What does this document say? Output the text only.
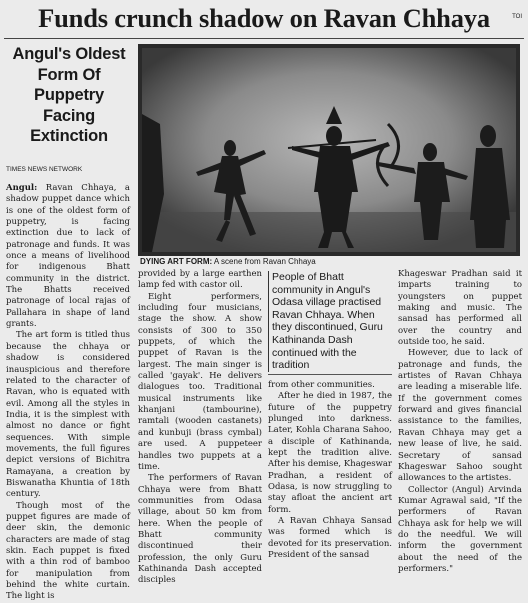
Funds crunch shadow on Ravan Chhaya	TOI
Angul's Oldest Form Of Puppetry Facing Extinction
TIMES NEWS NETWORK
DYING ART FORM: A scene from Ravan Chhaya

Angul: Ravan Chhaya, a shadow puppet dance which is one of the oldest form of puppetry, is facing extinction due to lack of patronage and funds. It was once a means of livelihood for indigenous Bhatt community in the district. The Bhatts received patronage of local rajas of Pallahara in shape of land grants.

The art form is titled thus because the chhaya or shadow is considered inauspicious and therefore related to the character of Ravan, who is equated with evil. Among all the styles in India, it is the simplest with almost no dance or fight sequences. With simple movements, the full figures depict versions of Bichitra Ramayana, a creation by Biswanatha Khuntia of 18th century.

Though most of the puppet figures are made of deer skin, the demonic characters are made of stag skin. Each puppet is fixed with a thin rod of bamboo for manipulation from behind the white curtain. The light is

provided by a large earthen lamp fed with castor oil.

Eight performers, including four musicians, stage the show. A show consists of 300 to 350 puppets, of which the puppet of Ravan is the largest. The main singer is called 'gayak'. He delivers dialogues too. Traditional musical instruments like khanjani (tambourine), ramtali (wooden castanets) and kunbuji (brass cymbal) are used. A puppeteer handles two puppets at a time.

The performers of Ravan Chhaya were from Bhatt communities from Odasa village, about 50 km from here. When the people of Bhatt community discontinued their profession, the only Guru Kathinanda Dash accepted disciples

People of Bhatt community in Angul's Odasa village practised Ravan Chhaya. When they discontinued, Guru Kathinanda Dash continued with the tradition

from other communities.

After he died in 1987, the future of the puppetry plunged into darkness. Later, Kohla Charana Sahoo, a disciple of Kathinanda, kept the tradition alive. After his demise, Khageswar Pradhan, a resident of Odasa, is now struggling to stay afloat the ancient art form.

A Ravan Chhaya Sansad was formed which is devoted for its preservation. President of the sansad

Khageswar Pradhan said it imparts training to youngsters on puppet making and music. The sansad has performed all over the country and outside too, he said.

However, due to lack of patronage and funds, the artistes of Ravan Chhaya are leading a miserable life. If the government comes forward and gives financial assistance to the families, Ravan Chhaya may get a new lease of live, he said. Secretary of sansad Khageswar Sahoo sought allowances to the artistes.

Collector (Angul) Arvinda Kumar Agrawal said, "If the performers of Ravan Chhaya ask for help we will do the needful. We will inform the government about the need of the performers."
